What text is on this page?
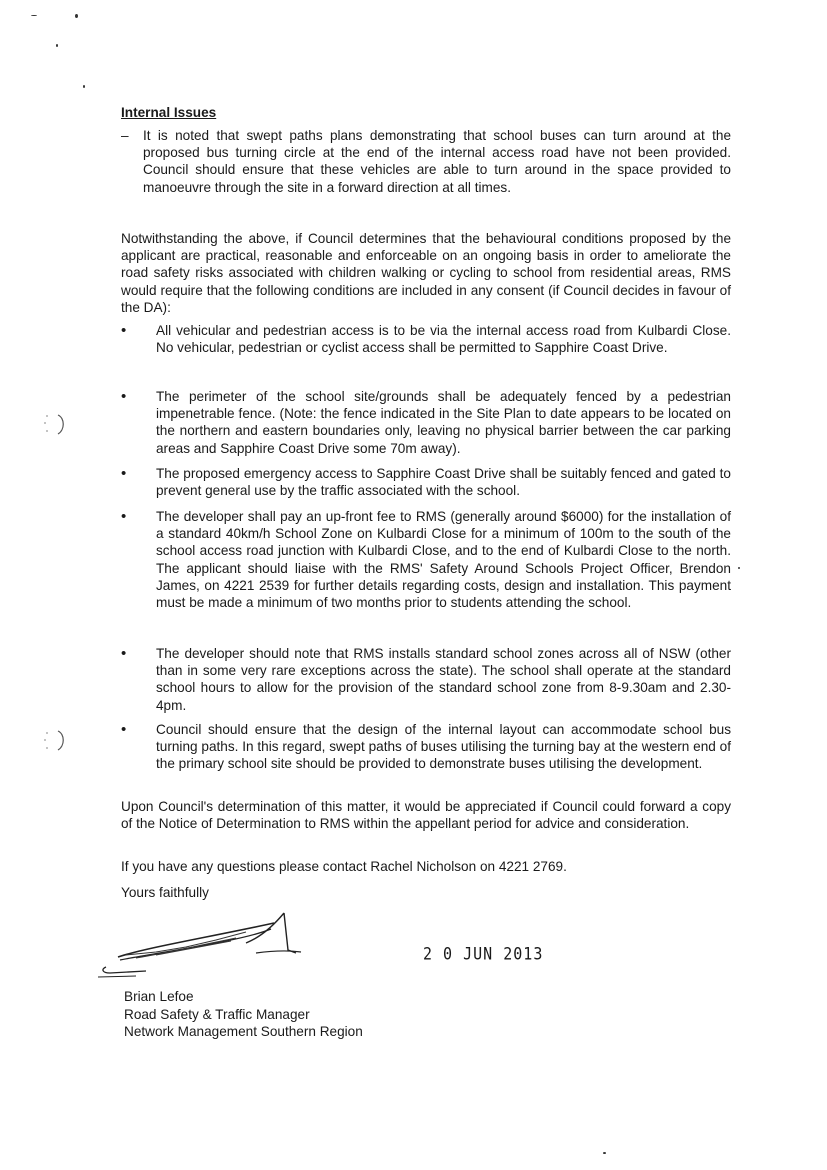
Internal Issues
– It is noted that swept paths plans demonstrating that school buses can turn around at the proposed bus turning circle at the end of the internal access road have not been provided. Council should ensure that these vehicles are able to turn around in the space provided to manoeuvre through the site in a forward direction at all times.
Notwithstanding the above, if Council determines that the behavioural conditions proposed by the applicant are practical, reasonable and enforceable on an ongoing basis in order to ameliorate the road safety risks associated with children walking or cycling to school from residential areas, RMS would require that the following conditions are included in any consent (if Council decides in favour of the DA):
• All vehicular and pedestrian access is to be via the internal access road from Kulbardi Close. No vehicular, pedestrian or cyclist access shall be permitted to Sapphire Coast Drive.
• The perimeter of the school site/grounds shall be adequately fenced by a pedestrian impenetrable fence. (Note: the fence indicated in the Site Plan to date appears to be located on the northern and eastern boundaries only, leaving no physical barrier between the car parking areas and Sapphire Coast Drive some 70m away).
• The proposed emergency access to Sapphire Coast Drive shall be suitably fenced and gated to prevent general use by the traffic associated with the school.
• The developer shall pay an up-front fee to RMS (generally around $6000) for the installation of a standard 40km/h School Zone on Kulbardi Close for a minimum of 100m to the south of the school access road junction with Kulbardi Close, and to the end of Kulbardi Close to the north. The applicant should liaise with the RMS' Safety Around Schools Project Officer, Brendon James, on 4221 2539 for further details regarding costs, design and installation. This payment must be made a minimum of two months prior to students attending the school.
• The developer should note that RMS installs standard school zones across all of NSW (other than in some very rare exceptions across the state). The school shall operate at the standard school hours to allow for the provision of the standard school zone from 8-9.30am and 2.30-4pm.
• Council should ensure that the design of the internal layout can accommodate school bus turning paths. In this regard, swept paths of buses utilising the turning bay at the western end of the primary school site should be provided to demonstrate buses utilising the development.
Upon Council's determination of this matter, it would be appreciated if Council could forward a copy of the Notice of Determination to RMS within the appellant period for advice and consideration.
If you have any questions please contact Rachel Nicholson on 4221 2769.
Yours faithfully
2 0 JUN 2013
Brian Lefoe
Road Safety & Traffic Manager
Network Management Southern Region
